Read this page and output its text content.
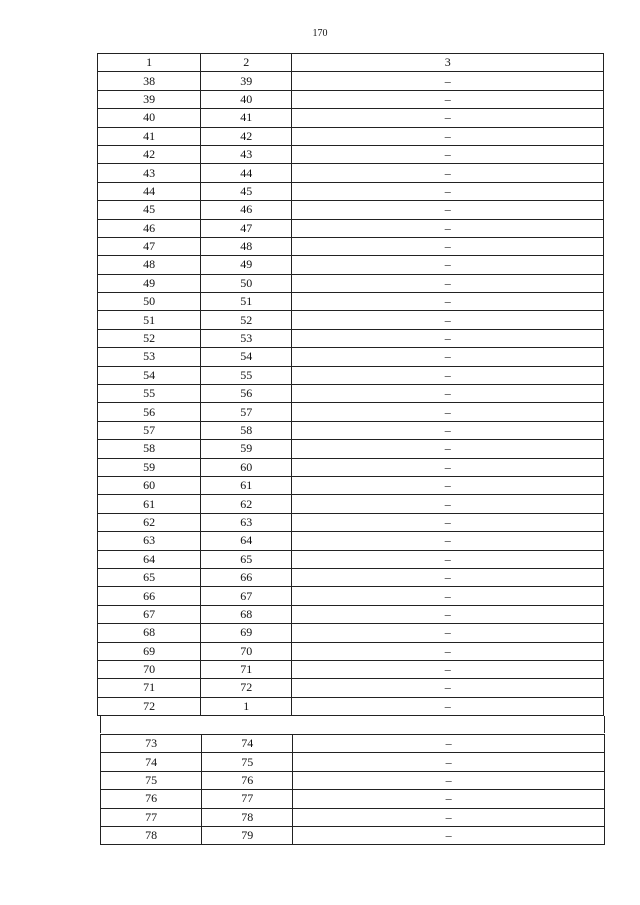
170
1	2	3
38	39	–
39	40	–
40	41	–
41	42	–
42	43	–
43	44	–
44	45	–
45	46	–
46	47	–
47	48	–
48	49	–
49	50	–
50	51	–
51	52	–
52	53	–
53	54	–
54	55	–
55	56	–
56	57	–
57	58	–
58	59	–
59	60	–
60	61	–
61	62	–
62	63	–
63	64	–
64	65	–
65	66	–
66	67	–
67	68	–
68	69	–
69	70	–
70	71	–
71	72	–
72	1	–
73	74	–
74	75	–
75	76	–
76	77	–
77	78	–
78	79	–
